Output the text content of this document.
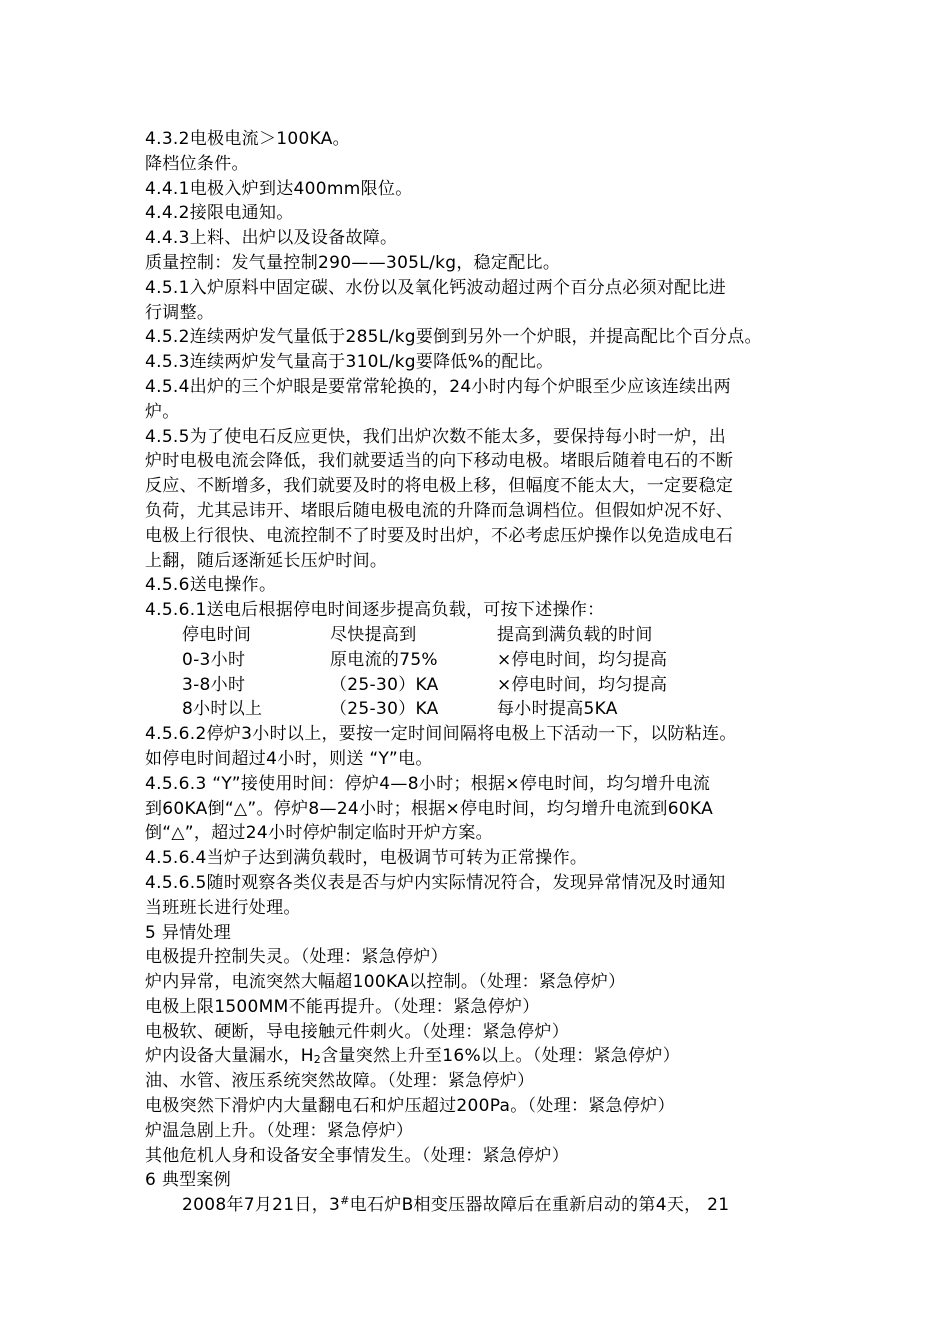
4.3.2电极电流＞100KA。
降档位条件。
4.4.1电极入炉到达400mm限位。
4.4.2接限电通知。
4.4.3上料、出炉以及设备故障。
质量控制：发气量控制290——305L/kg，稳定配比。
4.5.1入炉原料中固定碳、水份以及氧化钙波动超过两个百分点必须对配比进
行调整。
4.5.2连续两炉发气量低于285L/kg要倒到另外一个炉眼，并提高配比个百分点。
4.5.3连续两炉发气量高于310L/kg要降低%的配比。
4.5.4出炉的三个炉眼是要常常轮换的，24小时内每个炉眼至少应该连续出两
炉。
4.5.5为了使电石反应更快，我们出炉次数不能太多，要保持每小时一炉，出
炉时电极电流会降低，我们就要适当的向下移动电极。堵眼后随着电石的不断
反应、不断增多，我们就要及时的将电极上移，但幅度不能太大，一定要稳定
负荷，尤其忌讳开、堵眼后随电极电流的升降而急调档位。但假如炉况不好、
电极上行很快、电流控制不了时要及时出炉，不必考虑压炉操作以免造成电石
上翻，随后逐渐延长压炉时间。
4.5.6送电操作。
4.5.6.1送电后根据停电时间逐步提高负载，可按下述操作：
停电时间	尽快提高到	提高到满负载的时间
0-3小时	原电流的75%	×停电时间，均匀提高
3-8小时	（25-30）KA	×停电时间，均匀提高
8小时以上	（25-30）KA	每小时提高5KA
4.5.6.2停炉3小时以上，要按一定时间间隔将电极上下活动一下，以防粘连。
如停电时间超过4小时，则送 “Y”电。
4.5.6.3 “Y”接使用时间：停炉4—8小时；根据×停电时间，均匀增升电流
到60KA倒“△”。停炉8—24小时；根据×停电时间，均匀增升电流到60KA
倒“△”，超过24小时停炉制定临时开炉方案。
4.5.6.4当炉子达到满负载时，电极调节可转为正常操作。
4.5.6.5随时观察各类仪表是否与炉内实际情况符合，发现异常情况及时通知
当班班长进行处理。
5 异情处理
电极提升控制失灵。（处理：紧急停炉）
炉内异常，电流突然大幅超100KA以控制。（处理：紧急停炉）
电极上限1500MM不能再提升。（处理：紧急停炉）
电极软、硬断，导电接触元件刺火。（处理：紧急停炉）
炉内设备大量漏水，$H_2$含量突然上升至16%以上。（处理：紧急停炉）
油、水管、液压系统突然故障。（处理：紧急停炉）
电极突然下滑炉内大量翻电石和炉压超过200Pa。（处理：紧急停炉）
炉温急剧上升。（处理：紧急停炉）
其他危机人身和设备安全事情发生。（处理：紧急停炉）
6 典型案例
2008年7月21日，3#电石炉B相变压器故障后在重新启动的第4天， 21
